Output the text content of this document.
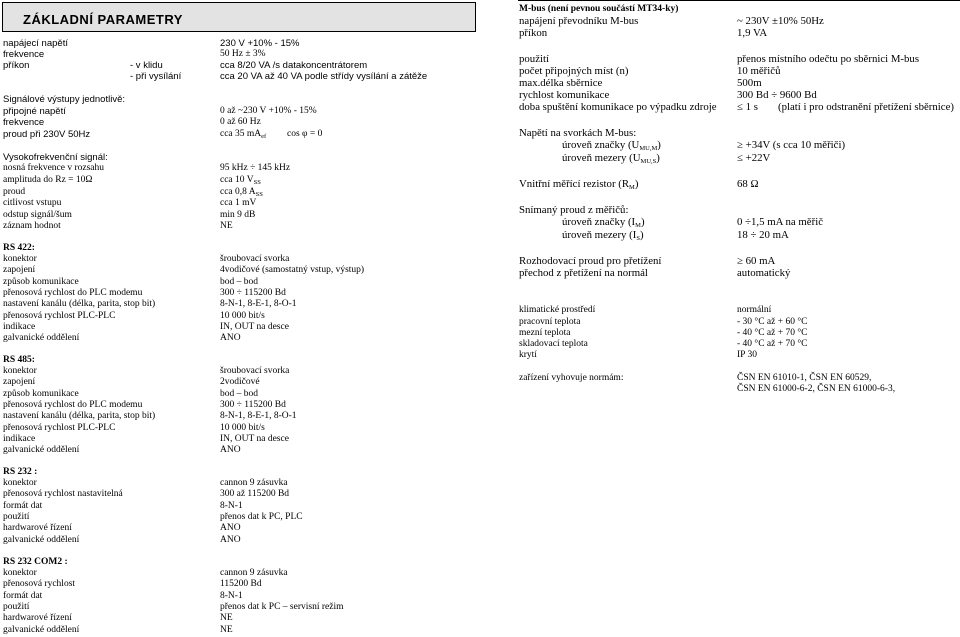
ZÁKLADNÍ PARAMETRY
napájecí napětí	230 V +10% - 15%
frekvence	50 Hz ± 3%
příkon	- v klidu	cca 8/20 VA /s datakoncentrátorem
- při vysílání	cca 20 VA až 40 VA podle střídy vysílání a zátěže
Signálové výstupy jednotlivě:
připojné napětí	0 až ~230 V +10% - 15%
frekvence	0 až 60 Hz
proud při 230V 50Hz	cca 35 $mA_{ef}$ cos φ = 0
Vysokofrekvenční signál:
nosná frekvence v rozsahu	95 kHz ÷ 145 kHz
amplituda do Rz = 10Ω	cca 10 $V_{SS}$
proud	cca 0,8 $A_{SS}$
citlivost vstupu	cca 1 mV
odstup signál/šum	min 9 dB
záznam hodnot	NE
RS 422:
konektor	šroubovací svorka
zapojení	4vodičové (samostatný vstup, výstup)
způsob komunikace	bod – bod
přenosová rychlost do PLC modemu	300 ÷ 115200 Bd
nastavení kanálu (délka, parita, stop bit)	8-N-1, 8-E-1, 8-O-1
přenosová rychlost PLC-PLC	10 000 bit/s
indikace	IN, OUT na desce
galvanické oddělení	ANO
RS 485:
konektor	šroubovací svorka
zapojení	2vodičové
způsob komunikace	bod – bod
přenosová rychlost do PLC modemu	300 ÷ 115200 Bd
nastavení kanálu (délka, parita, stop bit)	8-N-1, 8-E-1, 8-O-1
přenosová rychlost PLC-PLC	10 000 bit/s
indikace	IN, OUT na desce
galvanické oddělení	ANO
RS 232 :
konektor	cannon 9 zásuvka
přenosová rychlost nastavitelná	300 až 115200 Bd
formát dat	8-N-1
použití	přenos dat k PC, PLC
hardwarové řízení	ANO
galvanické oddělení	ANO
RS 232 COM2 :
konektor	cannon 9 zásuvka
přenosová rychlost	115200 Bd
formát dat	8-N-1
použití	přenos dat k PC – servisní režim
hardwarové řízení	NE
galvanické oddělení	NE
M-bus (není pevnou součástí MT34-ky)
napájení převodníku M-bus	~ 230V ±10% 50Hz
příkon	1,9 VA
použití	přenos místního odečtu po sběrnici M-bus
počet připojných míst (n)	10 měřičů
max.délka sběrnice	500m
rychlost komunikace	300 Bd ÷ 9600 Bd
doba spuštění komunikace po výpadku zdroje ≤ 1 s (platí i pro odstranění přetížení sběrnice)
Napětí na svorkách M-bus:
úroveň značky $(U_{MU,M})$	≥ +34V (s cca 10 měřiči)
úroveň mezery $(U_{MU,S})$	≤ +22V
Vnitřní měřící rezistor $(R_M)$	68 Ω
Snímaný proud z měřičů:
úroveň značky $(I_M)$	0 ÷1,5 mA na měřič
úroveň mezery $(I_S)$	18 ÷ 20 mA
Rozhodovací proud pro přetížení	≥ 60 mA
přechod z přetížení na normál	automatický
klimatické prostředí	normální
pracovní teplota	- 30 °C až + 60 °C
mezní teplota	- 40 °C až + 70 °C
skladovací teplota	- 40 °C až + 70 °C
krytí	IP 30
zařízení vyhovuje normám:	ČSN EN 61010-1, ČSN EN 60529,
ČSN EN 61000-6-2, ČSN EN 61000-6-3,
